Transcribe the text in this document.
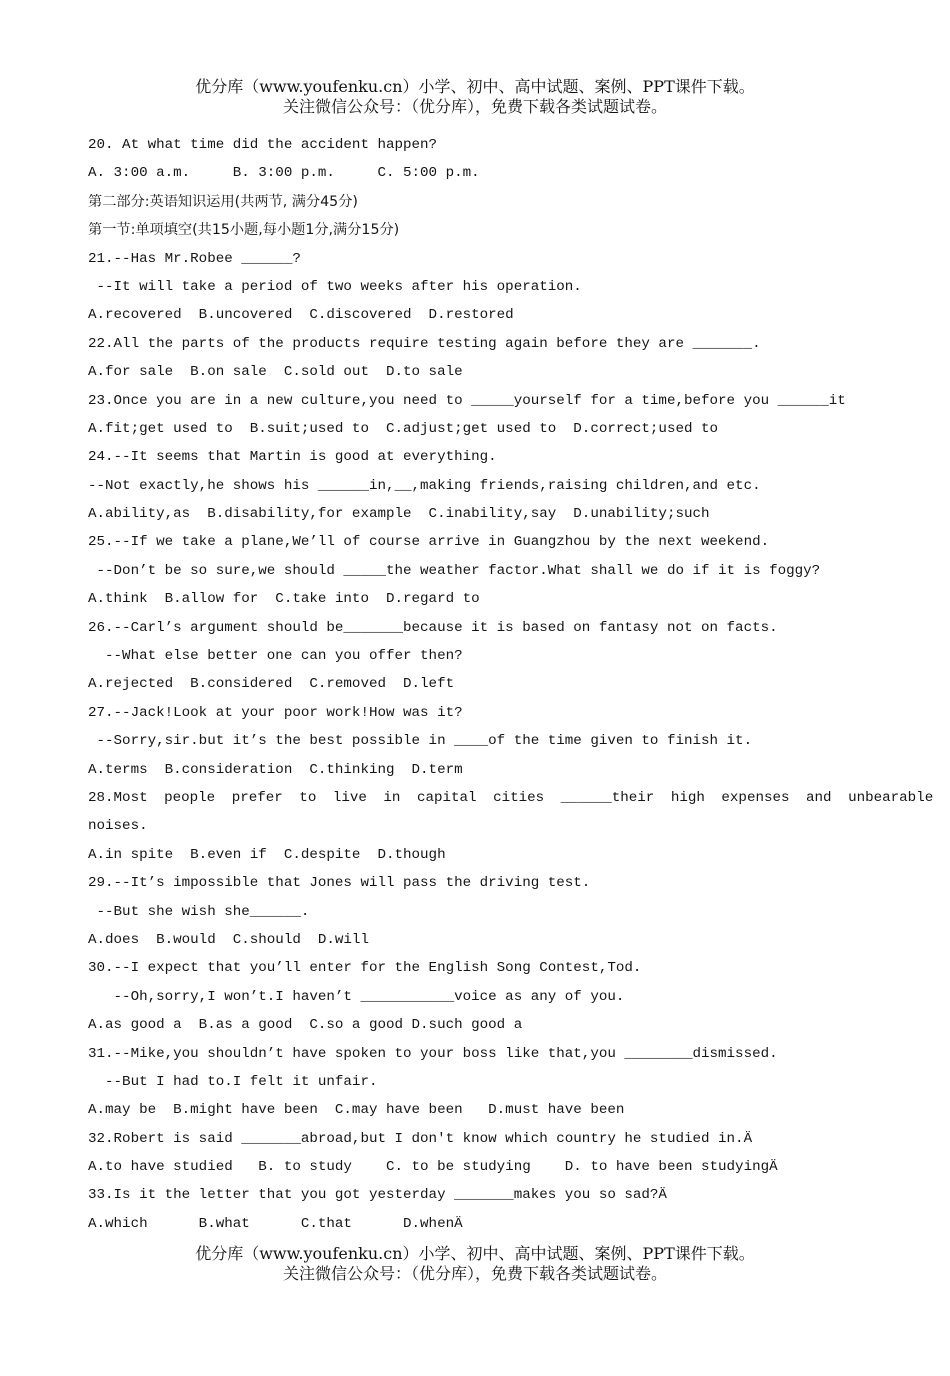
优分库（www.youfenku.cn）小学、初中、高中试题、案例、PPT课件下载。
关注微信公众号：（优分库），免费下载各类试题试卷。
20. At what time did the accident happen?
A. 3:00 a.m.     B. 3:00 p.m.     C. 5:00 p.m.
第二部分:英语知识运用(共两节, 满分45分)
第一节:单项填空(共15小题,每小题1分,满分15分)
21.--Has Mr.Robee ______?
--It will take a period of two weeks after his operation.
A.recovered  B.uncovered  C.discovered  D.restored
22.All the parts of the products require testing again before they are _______.
A.for sale  B.on sale  C.sold out  D.to sale
23.Once you are in a new culture,you need to _____yourself for a time,before you ______it
A.fit;get used to  B.suit;used to  C.adjust;get used to  D.correct;used to
24.--It seems that Martin is good at everything.
--Not exactly,he shows his ______in,__,making friends,raising children,and etc.
A.ability,as  B.disability,for example  C.inability,say  D.unability;such
25.--If we take a plane,We’ll of course arrive in Guangzhou by the next weekend.
--Don’t be so sure,we should _____the weather factor.What shall we do if it is foggy?
A.think  B.allow for  C.take into  D.regard to
26.--Carl’s argument should be_______because it is based on fantasy not on facts.
--What else better one can you offer then?
A.rejected  B.considered  C.removed  D.left
27.--Jack!Look at your poor work!How was it?
--Sorry,sir.but it’s the best possible in ____of the time given to finish it.
A.terms  B.consideration  C.thinking  D.term
28.Most people prefer to live in capital cities ______their high expenses and unbearable
noises.
A.in spite  B.even if  C.despite  D.though
29.--It’s impossible that Jones will pass the driving test.
--But she wish she______.
A.does  B.would  C.should  D.will
30.--I expect that you’ll enter for the English Song Contest,Tod.
--Oh,sorry,I won’t.I haven’t ___________voice as any of you.
A.as good a  B.as a good  C.so a good D.such good a
31.--Mike,you shouldn’t have spoken to your boss like that,you ________dismissed.
--But I had to.I felt it unfair.
A.may be  B.might have been  C.may have been   D.must have been
32.Robert is said _______abroad,but I don't know which country he studied in.Ä
A.to have studied   B. to study    C. to be studying    D. to have been studyingÄ
33.Is it the letter that you got yesterday _______makes you so sad?Ä
A.which      B.what      C.that      D.whenÄ
优分库（www.youfenku.cn）小学、初中、高中试题、案例、PPT课件下载。
关注微信公众号：（优分库），免费下载各类试题试卷。
